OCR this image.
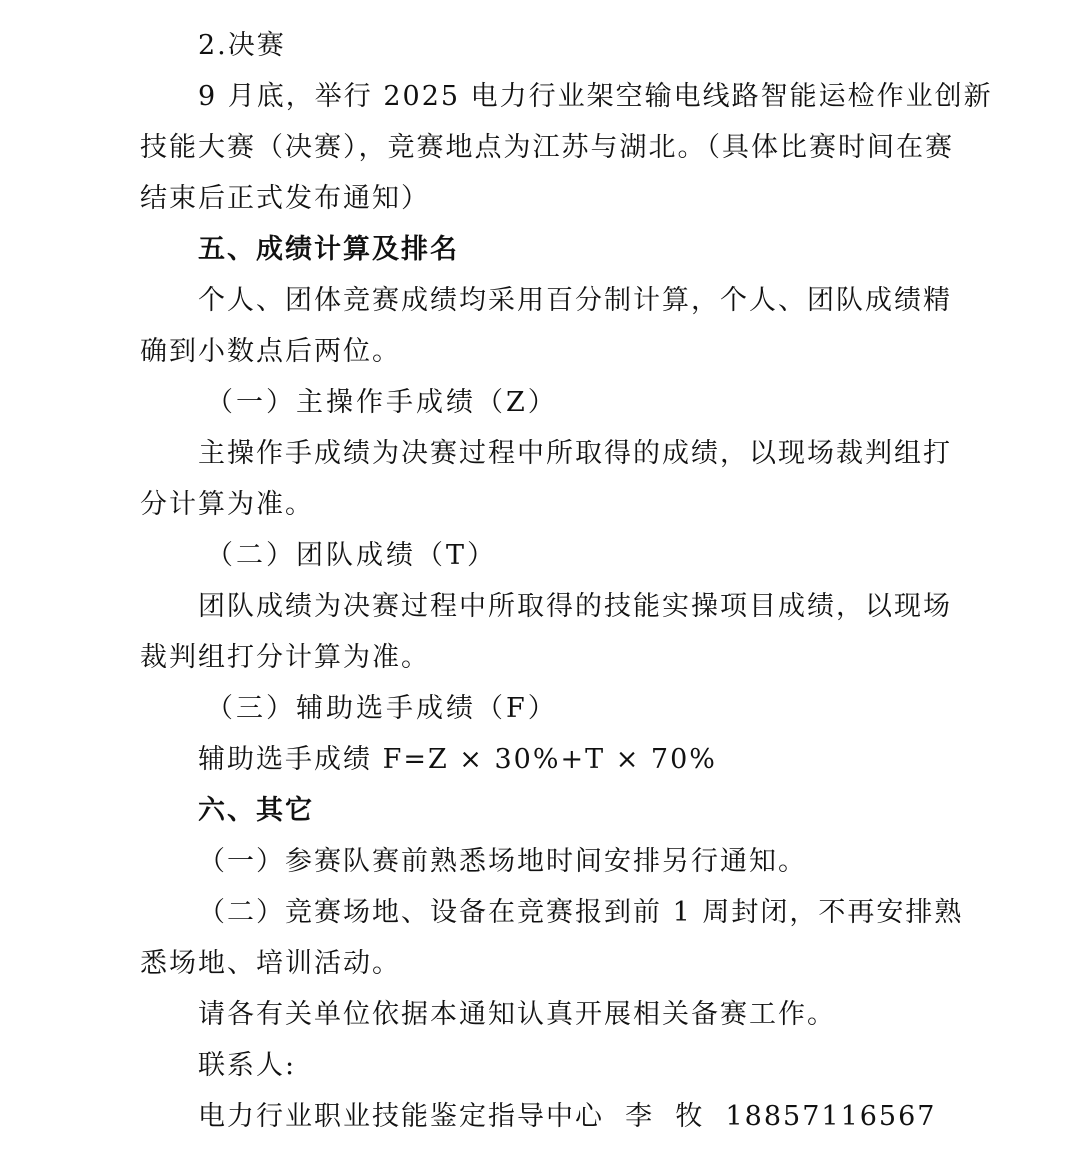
2.决赛
9 月底，举行 2025 电力行业架空输电线路智能运检作业创新
技能大赛（决赛），竞赛地点为江苏与湖北。（具体比赛时间在赛
结束后正式发布通知）
五、成绩计算及排名
个人、团体竞赛成绩均采用百分制计算，个人、团队成绩精
确到小数点后两位。
（一）主操作手成绩（Z）
主操作手成绩为决赛过程中所取得的成绩，以现场裁判组打
分计算为准。
（二）团队成绩（T）
团队成绩为决赛过程中所取得的技能实操项目成绩，以现场
裁判组打分计算为准。
（三）辅助选手成绩（F）
辅助选手成绩 F=Z × 30%+T × 70%
六、其它
（一）参赛队赛前熟悉场地时间安排另行通知。
（二）竞赛场地、设备在竞赛报到前 1 周封闭，不再安排熟
悉场地、培训活动。
请各有关单位依据本通知认真开展相关备赛工作。
联系人:
电力行业职业技能鉴定指导中心  李  牧  18857116567
